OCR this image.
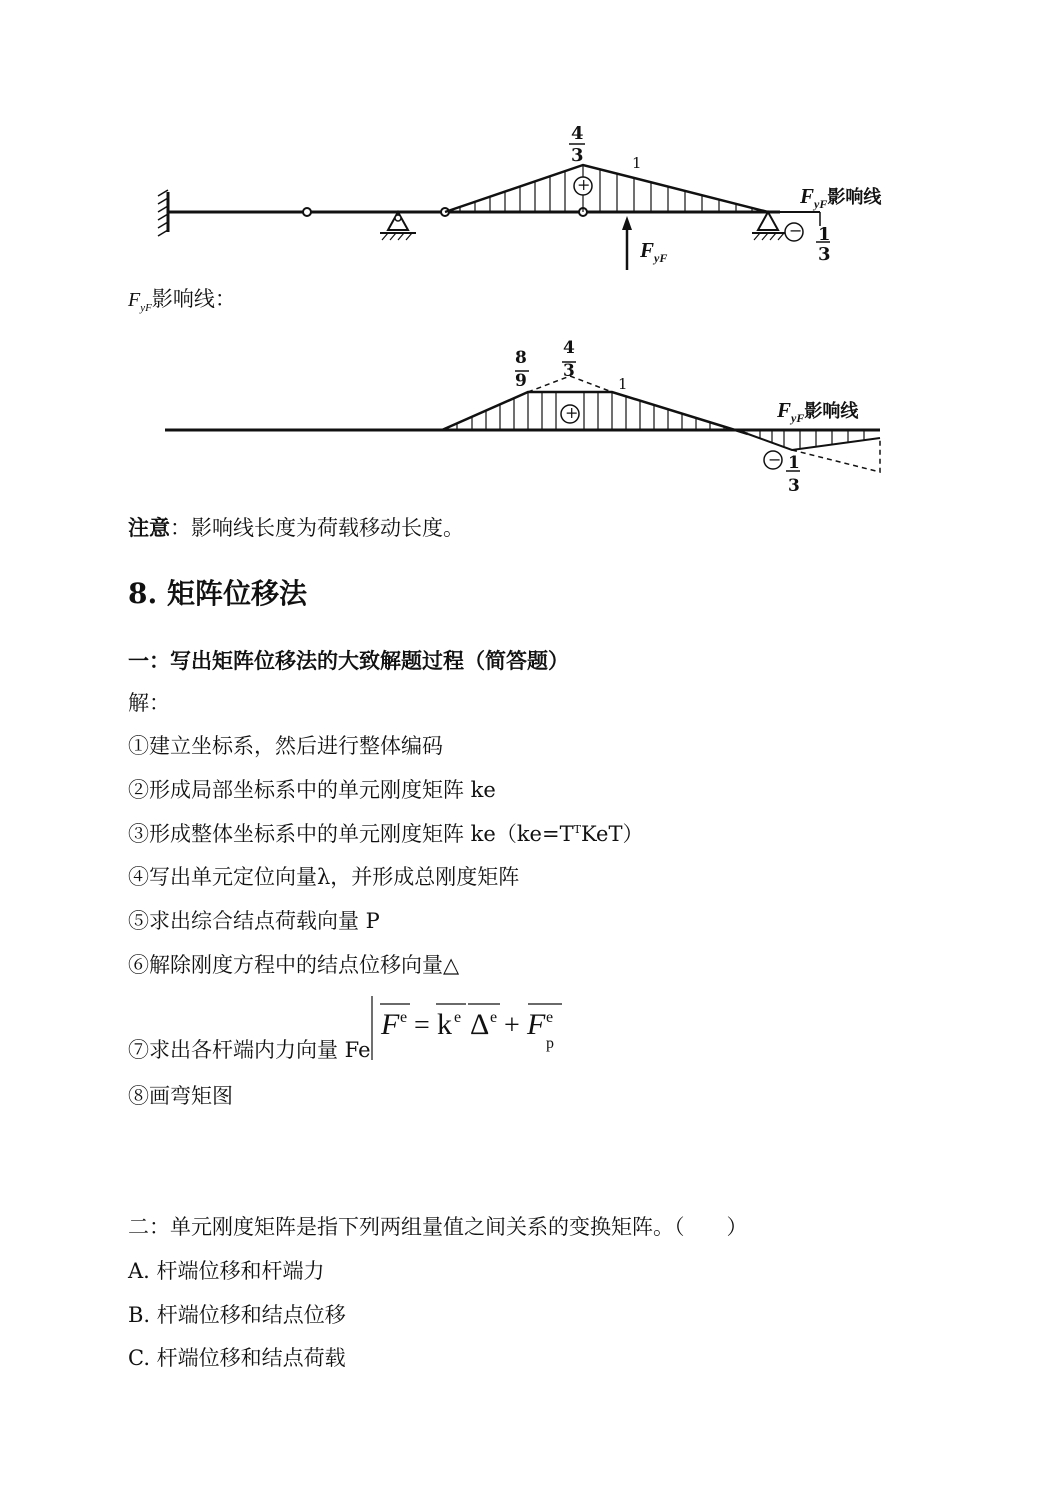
4
3	1
+
− 1
3
$F_{yF}$影响线
$F_{yF}$
$F_{yF}$影响线：
8
9
4
3
1
+
− 1
3
$F_{yF}$影响线
注意：影响线长度为荷载移动长度。
8. 矩阵位移法
一：写出矩阵位移法的大致解题过程（简答题）
解：
①建立坐标系，然后进行整体编码
②形成局部坐标系中的单元刚度矩阵 ke
③形成整体坐标系中的单元刚度矩阵 $ke(ke=T^TKeT)$
④写出单元定位向量λ，并形成总刚度矩阵
⑤求出综合结点荷载向量 P
⑥解除刚度方程中的结点位移向量△
⑦求出各杆端内力向量 Fe
F e = k e Δ e + F e
p
⑧画弯矩图
二：单元刚度矩阵是指下列两组量值之间关系的变换矩阵。（　　）
A. 杆端位移和杆端力
B. 杆端位移和结点位移
C. 杆端位移和结点荷载
